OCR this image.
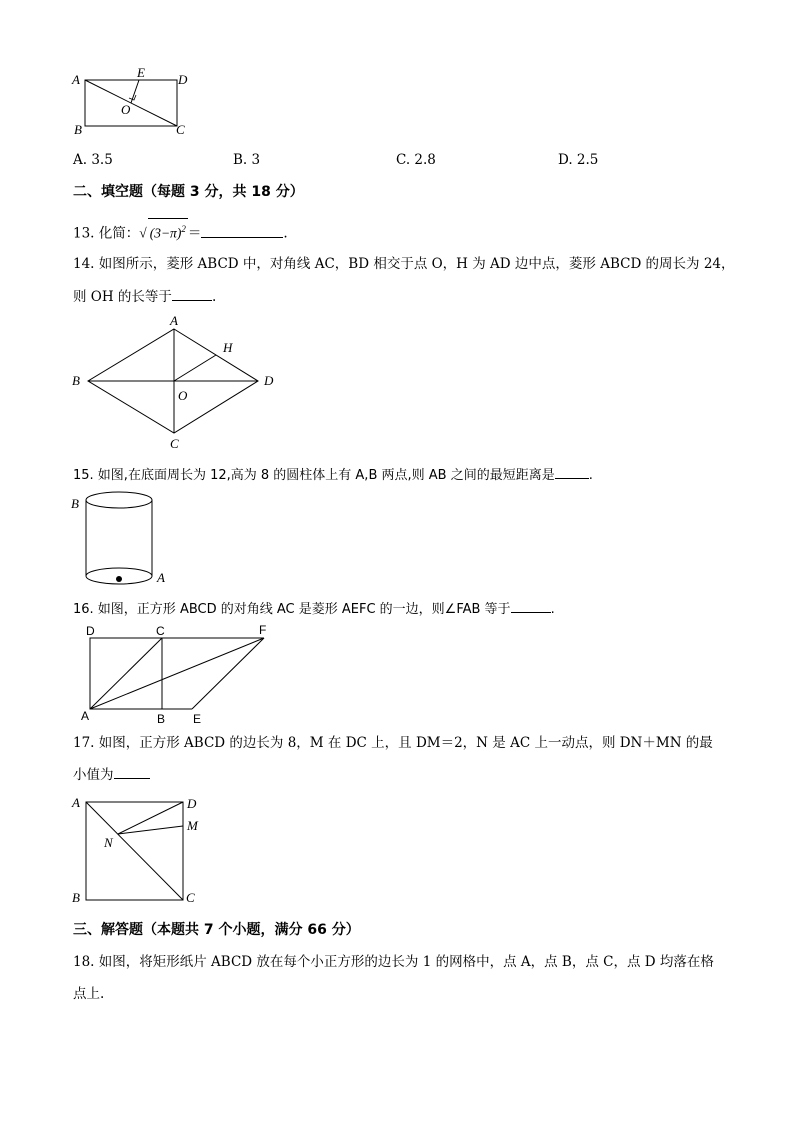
A	E	D
O
B	C
A. 3.5	B. 3	C. 2.8	D. 2.5
二、填空题（每题 3 分，共 18 分）
13. 化简：√ $(3-\pi)^2$ ＝	.
14. 如图所示，菱形 ABCD 中，对角线 AC，BD 相交于点 O，H 为 AD 边中点，菱形 ABCD 的周长为 24，
则 OH 的长等于	.
A
H
B	D
O
C
15. 如图,在底面周长为 12,高为 8 的圆柱体上有 A,B 两点,则 AB 之间的最短距离是	.
B
A
16. 如图，正方形 ABCD 的对角线 AC 是菱形 AEFC 的一边，则∠FAB 等于	.
D	C	F
A	B E
17. 如图，正方形 ABCD 的边长为 8，M 在 DC 上，且 DM＝2，N 是 AC 上一动点，则 DN＋MN 的最
小值为
A	D
M
N
B	C
三、解答题（本题共 7 个小题，满分 66 分）
18. 如图，将矩形纸片 ABCD 放在每个小正方形的边长为 1 的网格中，点 A，点 B，点 C，点 D 均落在格
点上.
